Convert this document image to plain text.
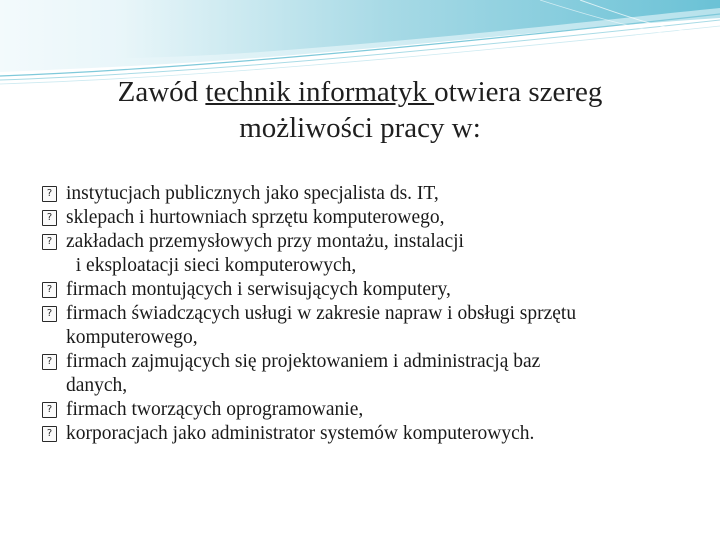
Zawód technik informatyk otwiera szereg
możliwości pracy w:
?
instytucjach publicznych jako specjalista ds. IT,
?
sklepach i hurtowniach sprzętu komputerowego,
?
zakładach przemysłowych przy montażu, instalacji
i eksploatacji sieci komputerowych,
?
firmach montujących i serwisujących komputery,
?
firmach świadczących usługi w zakresie napraw i obsługi sprzętu
komputerowego,
?
firmach zajmujących się projektowaniem i administracją baz
danych,
?
firmach tworzących oprogramowanie,
?
korporacjach jako administrator systemów komputerowych.
